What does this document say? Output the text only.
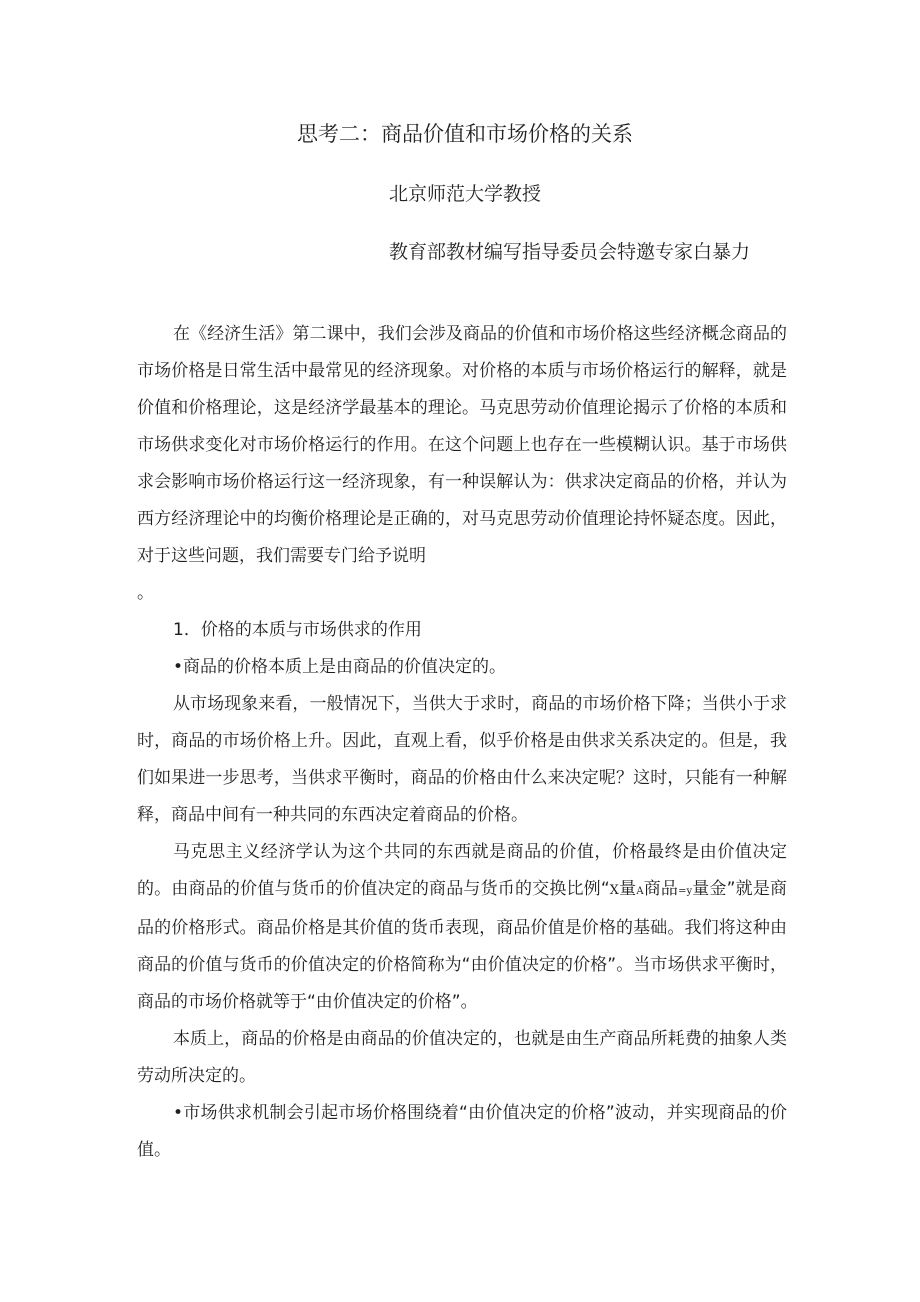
思考二：商品价值和市场价格的关系
北京师范大学教授
教育部教材编写指导委员会特邀专家白暴力

在《经济生活》第二课中，我们会涉及商品的价值和市场价格这些经济概念商品的市场价格是日常生活中最常见的经济现象。对价格的本质与市场价格运行的解释，就是价值和价格理论，这是经济学最基本的理论。马克思劳动价值理论揭示了价格的本质和市场供求变化对市场价格运行的作用。在这个问题上也存在一些模糊认识。基于市场供求会影响市场价格运行这一经济现象，有一种误解认为：供求决定商品的价格，并认为西方经济理论中的均衡价格理论是正确的，对马克思劳动价值理论持怀疑态度。因此，对于这些问题，我们需要专门给予说明

。

1．价格的本质与市场供求的作用

•商品的价格本质上是由商品的价值决定的。

从市场现象来看，一般情况下，当供大于求时，商品的市场价格下降；当供小于求时，商品的市场价格上升。因此，直观上看，似乎价格是由供求关系决定的。但是，我们如果进一步思考，当供求平衡时，商品的价格由什么来决定呢？这时，只能有一种解释，商品中间有一种共同的东西决定着商品的价格。

马克思主义经济学认为这个共同的东西就是商品的价值，价格最终是由价值决定的。由商品的价值与货币的价值决定的商品与货币的交换比例“X量A商品=y量金”就是商品的价格形式。商品价格是其价值的货币表现，商品价值是价格的基础。我们将这种由商品的价值与货币的价值决定的价格简称为“由价值决定的价格”。当市场供求平衡时，商品的市场价格就等于“由价值决定的价格”。

本质上，商品的价格是由商品的价值决定的，也就是由生产商品所耗费的抽象人类劳动所决定的。

•市场供求机制会引起市场价格围绕着“由价值决定的价格”波动，并实现商品的价值。
